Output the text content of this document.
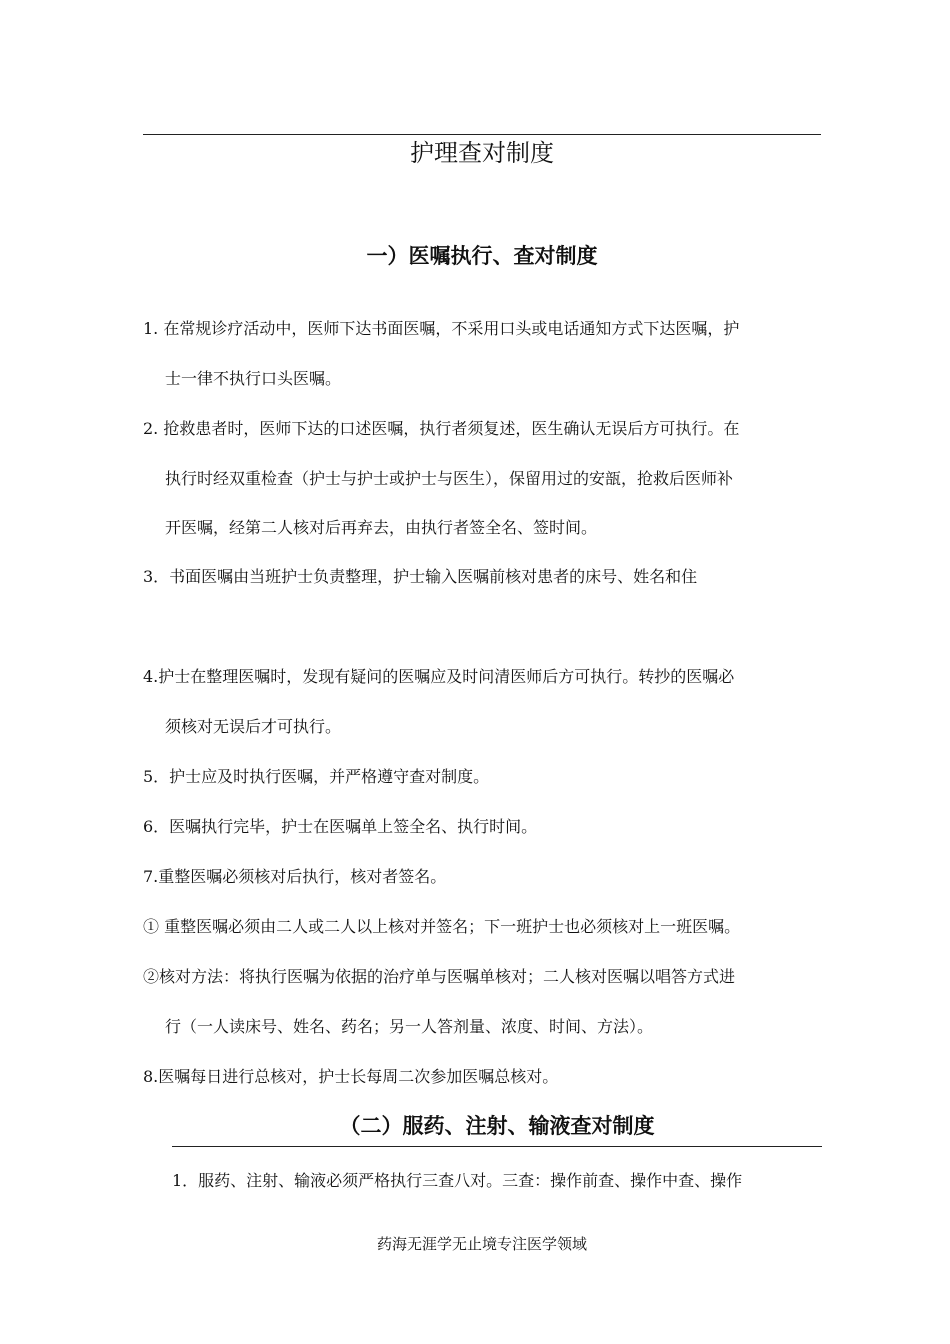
护理查对制度
一）医嘱执行、查对制度
1. 在常规诊疗活动中，医师下达书面医嘱，不采用口头或电话通知方式下达医嘱，护
士一律不执行口头医嘱。
2. 抢救患者时，医师下达的口述医嘱，执行者须复述，医生确认无误后方可执行。在
执行时经双重检查（护士与护士或护士与医生），保留用过的安瓿，抢救后医师补
开医嘱，经第二人核对后再弃去，由执行者签全名、签时间。
3．书面医嘱由当班护士负责整理，护士输入医嘱前核对患者的床号、姓名和住
4.护士在整理医嘱时，发现有疑问的医嘱应及时问清医师后方可执行。转抄的医嘱必
须核对无误后才可执行。
5．护士应及时执行医嘱，并严格遵守查对制度。
6．医嘱执行完毕，护士在医嘱单上签全名、执行时间。
7.重整医嘱必须核对后执行，核对者签名。
① 重整医嘱必须由二人或二人以上核对并签名；下一班护士也必须核对上一班医嘱。
②核对方法：将执行医嘱为依据的治疗单与医嘱单核对；二人核对医嘱以唱答方式进
行（一人读床号、姓名、药名；另一人答剂量、浓度、时间、方法）。
8.医嘱每日进行总核对，护士长每周二次参加医嘱总核对。
（二）服药、注射、输液查对制度
1．服药、注射、输液必须严格执行三查八对。三查：操作前查、操作中查、操作
药海无涯学无止境专注医学领域
